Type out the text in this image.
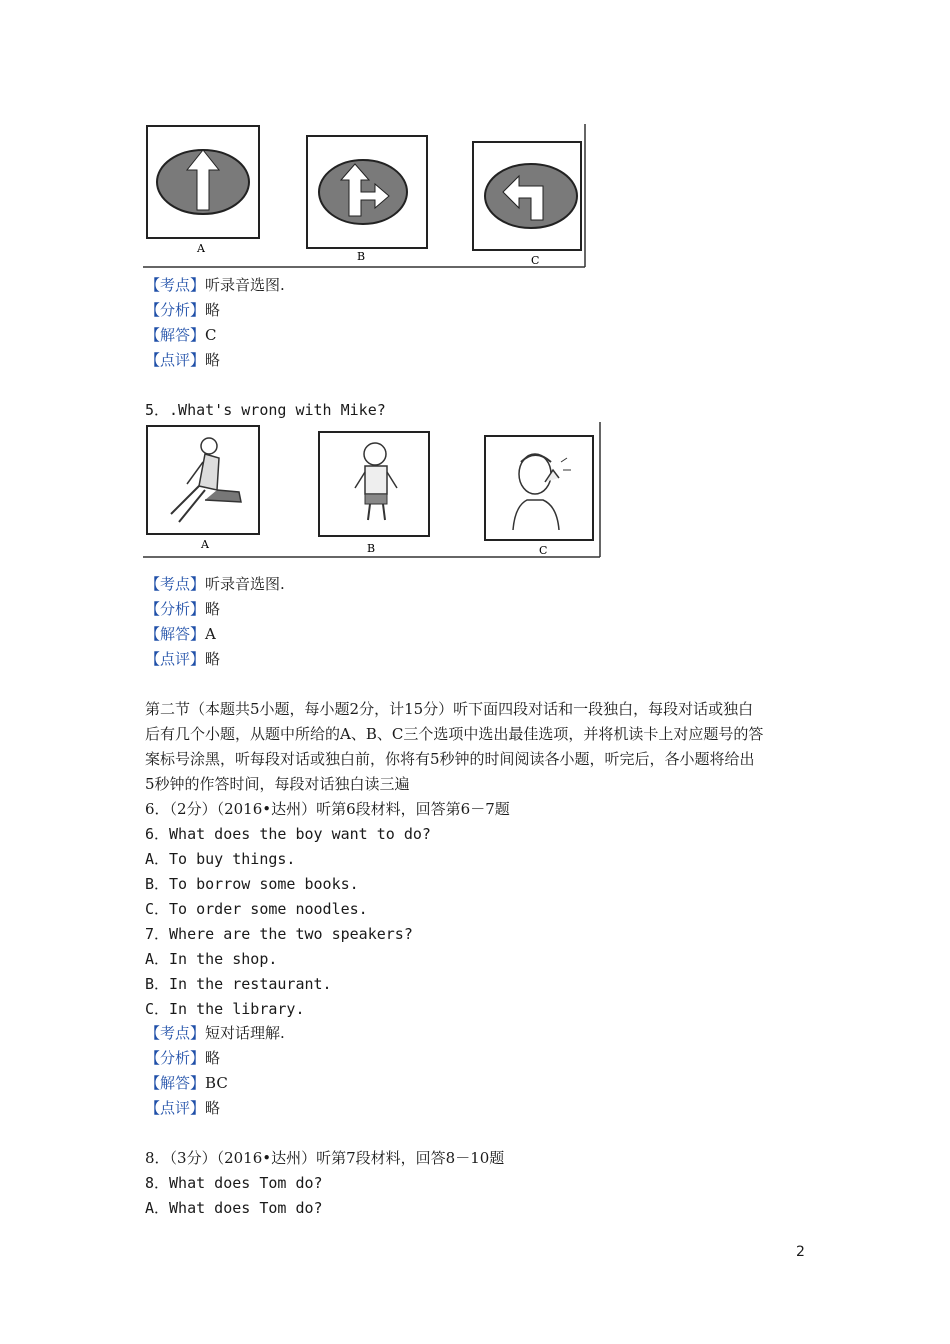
A
B	C
【考点】听录音选图.
【分析】略
【解答】C
【点评】略
5．.What's wrong with Mike?
A	B	C
【考点】听录音选图.
【分析】略
【解答】A
【点评】略
第二节（本题共5小题，每小题2分，计15分）听下面四段对话和一段独白，每段对话或独白
后有几个小题，从题中所给的A、B、C三个选项中选出最佳选项，并将机读卡上对应题号的答
案标号涂黑，听每段对话或独白前，你将有5秒钟的时间阅读各小题，听完后，各小题将给出
5秒钟的作答时间，每段对话独白读三遍
6．（2分）（2016•达州）听第6段材料，回答第6－7题
6．What does the boy want to do?
A．To buy things.
B．To borrow some books.
C．To order some noodles.
7．Where are the two speakers?
A．In the shop.
B．In the restaurant.
C．In the library.
【考点】短对话理解.
【分析】略
【解答】BC
【点评】略
8．（3分）（2016•达州）听第7段材料，回答8－10题
8．What does Tom do?
A．What does Tom do?
2
